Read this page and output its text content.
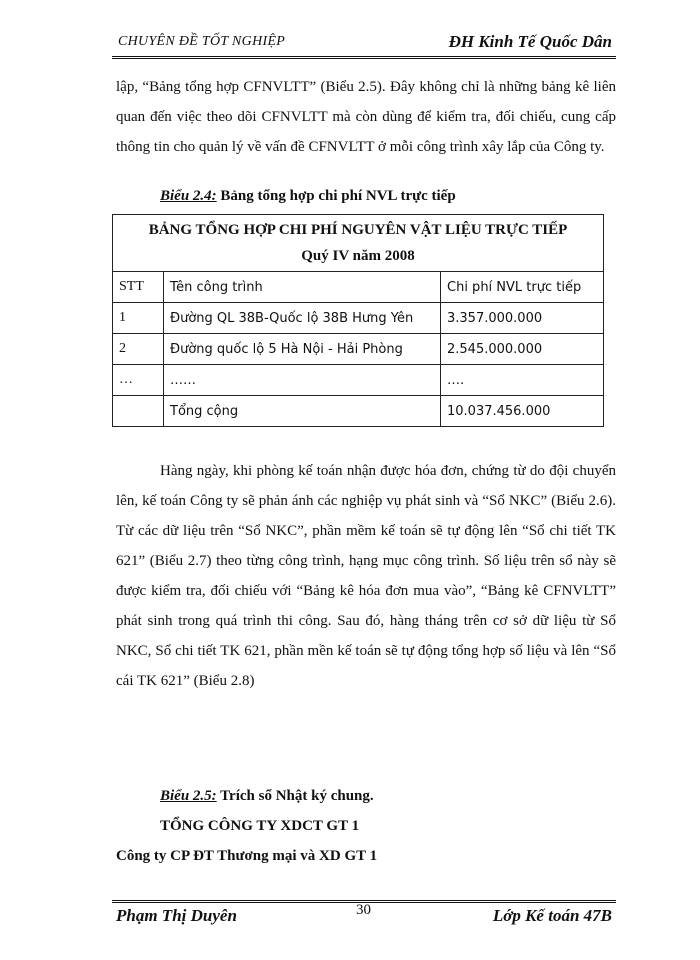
CHUYÊN ĐỀ TỐT NGHIỆP	ĐH Kinh Tế Quốc Dân

lập, “Bảng tổng hợp CFNVLTT” (Biểu 2.5). Đây không chỉ là những bảng kê liên quan đến việc theo dõi CFNVLTT mà còn dùng để kiểm tra, đối chiếu, cung cấp thông tin cho quản lý về vấn đề CFNVLTT ở mỗi công trình xây lắp của Công ty.

Biểu 2.4: Bảng tổng hợp chi phí NVL trực tiếp
BẢNG TỔNG HỢP CHI PHÍ NGUYÊN VẬT LIỆU TRỰC TIẾP
Quý IV năm 2008		

STT	Tên công trình	Chi phí NVL trực tiếp
1	Đường QL 38B-Quốc lộ 38B Hưng Yên	3.357.000.000
2	Đường quốc lộ 5 Hà Nội - Hải Phòng	2.545.000.000
…	……	….
	Tổng cộng	10.037.456.000

Hàng ngày, khi phòng kế toán nhận được hóa đơn, chứng từ do đội chuyển lên, kế toán Công ty sẽ phản ánh các nghiệp vụ phát sinh và “Sổ NKC” (Biểu 2.6). Từ các dữ liệu trên “Sổ NKC”, phần mềm kế toán sẽ tự động lên “Sổ chi tiết TK 621” (Biểu 2.7) theo từng công trình, hạng mục công trình. Số liệu trên sổ này sẽ được kiểm tra, đối chiếu với “Bảng kê hóa đơn mua vào”, “Bảng kê CFNVLTT” phát sinh trong quá trình thi công. Sau đó, hàng tháng trên cơ sở dữ liệu từ Sổ NKC, Sổ chi tiết TK 621, phần mền kế toán sẽ tự động tổng hợp số liệu và lên “Sổ cái TK 621” (Biểu 2.8)

Biểu 2.5: Trích sổ Nhật ký chung.
TỔNG CÔNG TY XDCT GT 1
Công ty CP ĐT Thương mại và XD GT 1
Phạm Thị Duyên	30	Lớp Kế toán 47B
